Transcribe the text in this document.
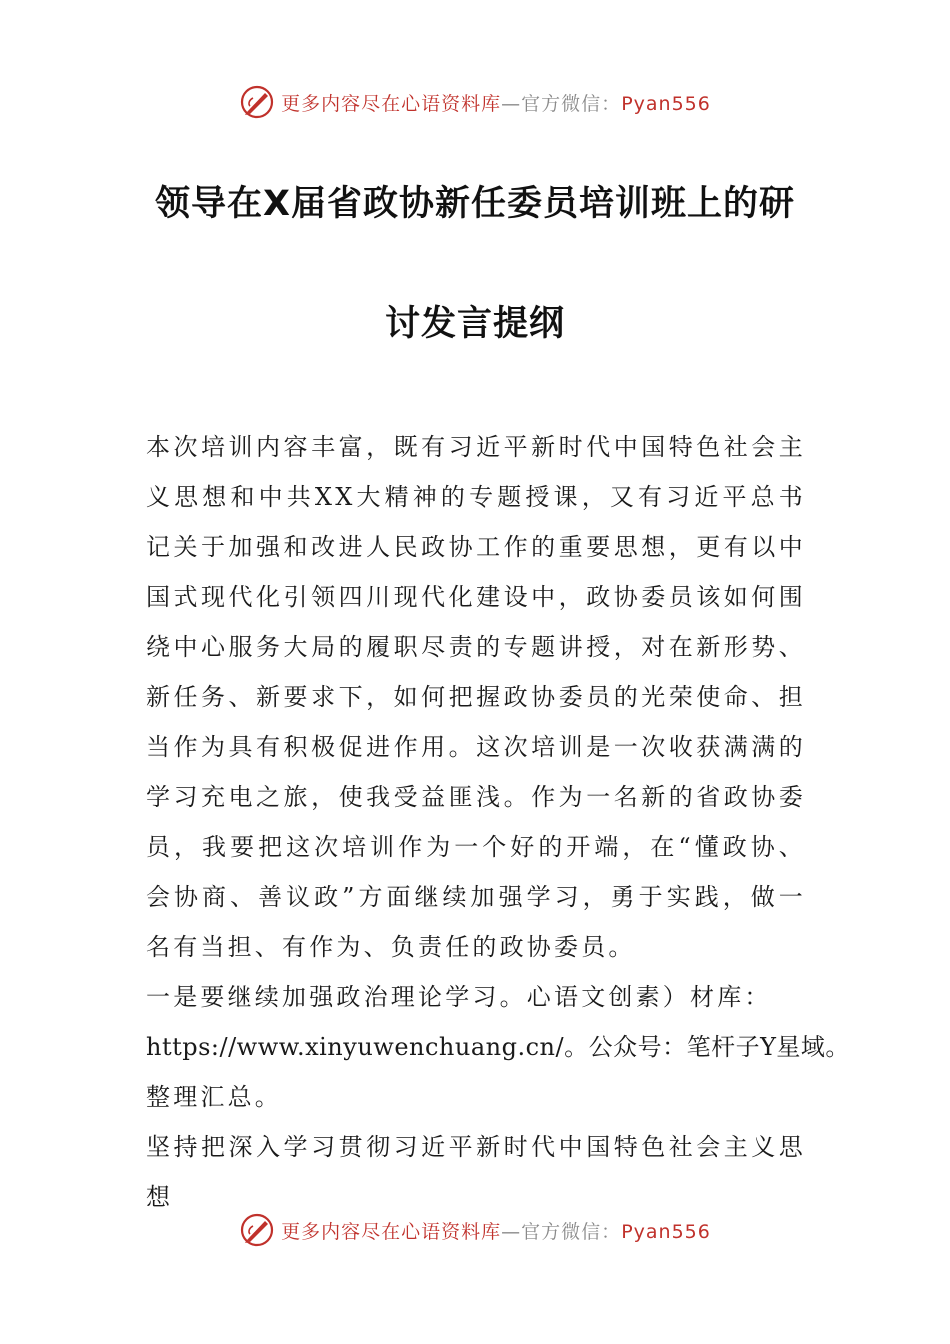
更多内容尽在心语资料库—官方微信：Pyan556
领导在X届省政协新任委员培训班上的研
讨发言提纲

本次培训内容丰富，既有习近平新时代中国特色社会主义思想和中共XX大精神的专题授课，又有习近平总书记关于加强和改进人民政协工作的重要思想，更有以中国式现代化引领四川现代化建设中，政协委员该如何围绕中心服务大局的履职尽责的专题讲授，对在新形势、新任务、新要求下，如何把握政协委员的光荣使命、担当作为具有积极促进作用。这次培训是一次收获满满的学习充电之旅，使我受益匪浅。作为一名新的省政协委员，我要把这次培训作为一个好的开端，在“懂政协、会协商、善议政”方面继续加强学习，勇于实践，做一名有当担、有作为、负责任的政协委员。

一是要继续加强政治理论学习。心语文创素）材库：

https://www.xinyuwenchuang.cn/。公众号：笔杆子Y星域。

整理汇总。

坚持把深入学习贯彻习近平新时代中国特色社会主义思想

更多内容尽在心语资料库—官方微信：Pyan556
